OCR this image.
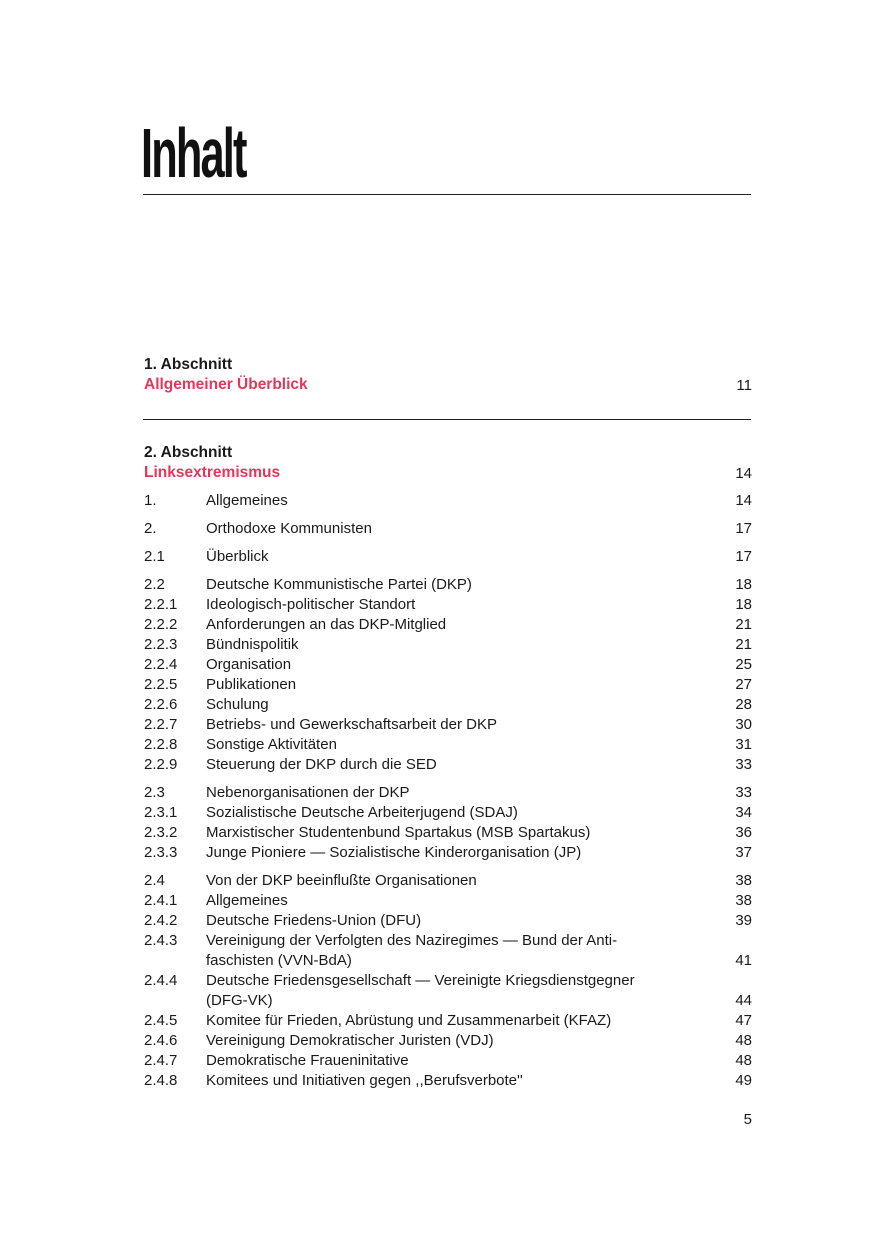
Inhalt
1. Abschnitt
Allgemeiner Überblick	11
2. Abschnitt
Linksextremismus	14
1.	Allgemeines	14
2.	Orthodoxe Kommunisten	17
2.1	Überblick	17
2.2	Deutsche Kommunistische Partei (DKP)	18
2.2.1	Ideologisch-politischer Standort	18
2.2.2	Anforderungen an das DKP-Mitglied	21
2.2.3	Bündnispolitik	21
2.2.4	Organisation	25
2.2.5	Publikationen	27
2.2.6	Schulung	28
2.2.7	Betriebs- und Gewerkschaftsarbeit der DKP	30
2.2.8	Sonstige Aktivitäten	31
2.2.9	Steuerung der DKP durch die SED	33
2.3	Nebenorganisationen der DKP	33
2.3.1	Sozialistische Deutsche Arbeiterjugend (SDAJ)	34
2.3.2	Marxistischer Studentenbund Spartakus (MSB Spartakus)	36
2.3.3	Junge Pioniere — Sozialistische Kinderorganisation (JP)	37
2.4	Von der DKP beeinflußte Organisationen	38
2.4.1	Allgemeines	38
2.4.2	Deutsche Friedens-Union (DFU)	39
2.4.3	Vereinigung der Verfolgten des Naziregimes — Bund der Anti-
faschisten (VVN-BdA)	41
2.4.4	Deutsche Friedensgesellschaft — Vereinigte Kriegsdienstgegner
(DFG-VK)	44
2.4.5	Komitee für Frieden, Abrüstung und Zusammenarbeit (KFAZ)	47
2.4.6	Vereinigung Demokratischer Juristen (VDJ)	48
2.4.7	Demokratische Fraueninitative	48
2.4.8	Komitees und Initiativen gegen ,,Berufsverbote''	49
5
